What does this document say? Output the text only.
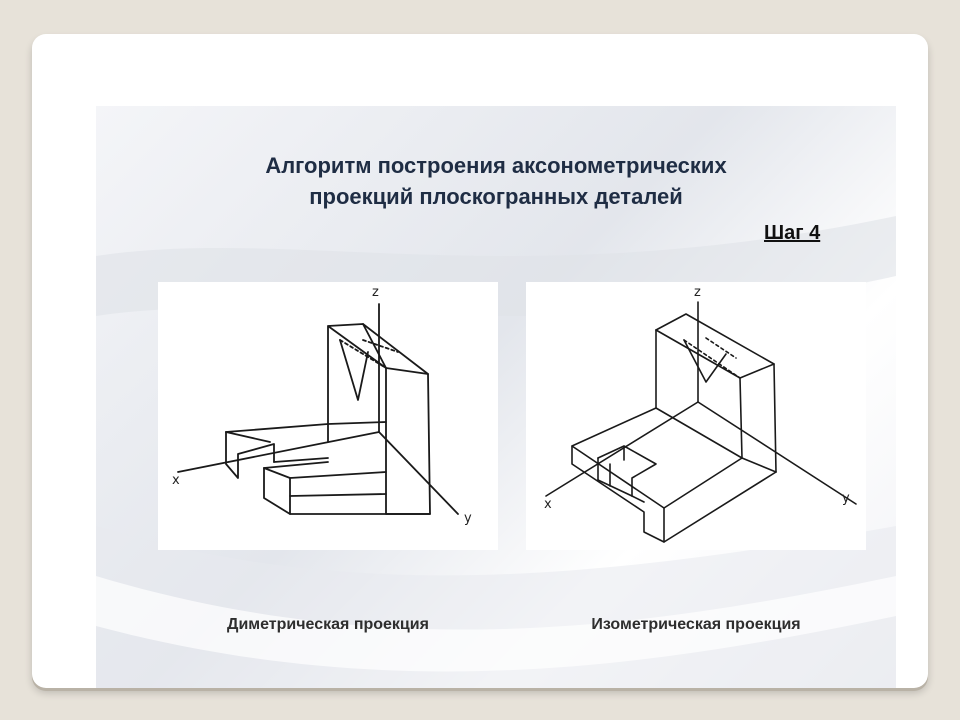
Алгоритм построения аксонометрических
проекций плоскогранных деталей
Шаг 4
z
x
y
z
x	y
Диметрическая проекция	Изометрическая проекция
